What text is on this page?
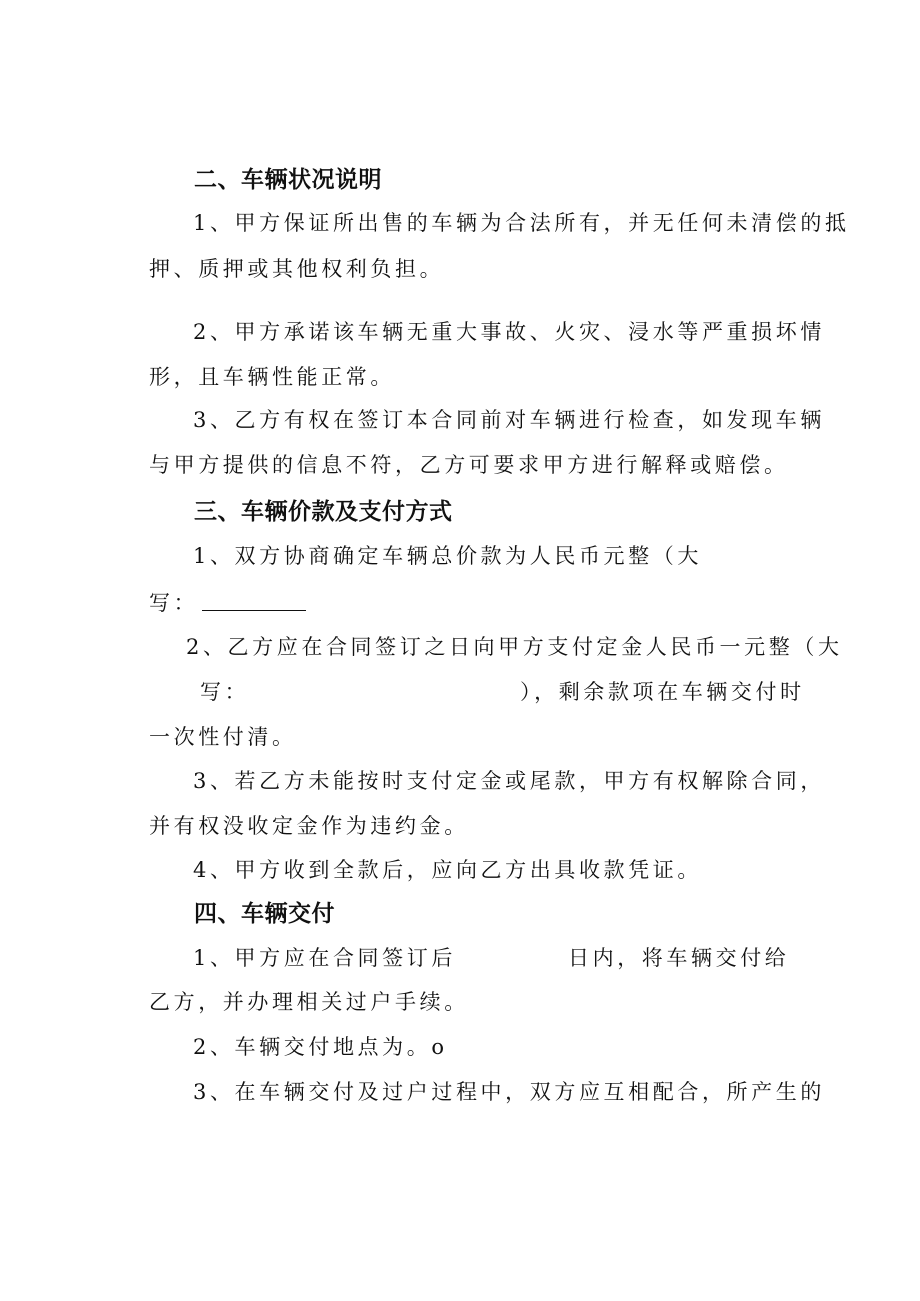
二、车辆状况说明

1、甲方保证所出售的车辆为合法所有，并无任何未清偿的抵

押、质押或其他权利负担。

2、甲方承诺该车辆无重大事故、火灾、浸水等严重损坏情

形，且车辆性能正常。

3、乙方有权在签订本合同前对车辆进行检查，如发现车辆

与甲方提供的信息不符，乙方可要求甲方进行解释或赔偿。

三、车辆价款及支付方式

1、双方协商确定车辆总价款为人民币元整（大

写：

2、乙方应在合同签订之日向甲方支付定金人民币一元整（大

写：	），剩余款项在车辆交付时

一次性付清。

3、若乙方未能按时支付定金或尾款，甲方有权解除合同，

并有权没收定金作为违约金。

4、甲方收到全款后，应向乙方出具收款凭证。

四、车辆交付

1、甲方应在合同签订后	日内，将车辆交付给

乙方，并办理相关过户手续。

2、车辆交付地点为。o

3、在车辆交付及过户过程中，双方应互相配合，所产生的
